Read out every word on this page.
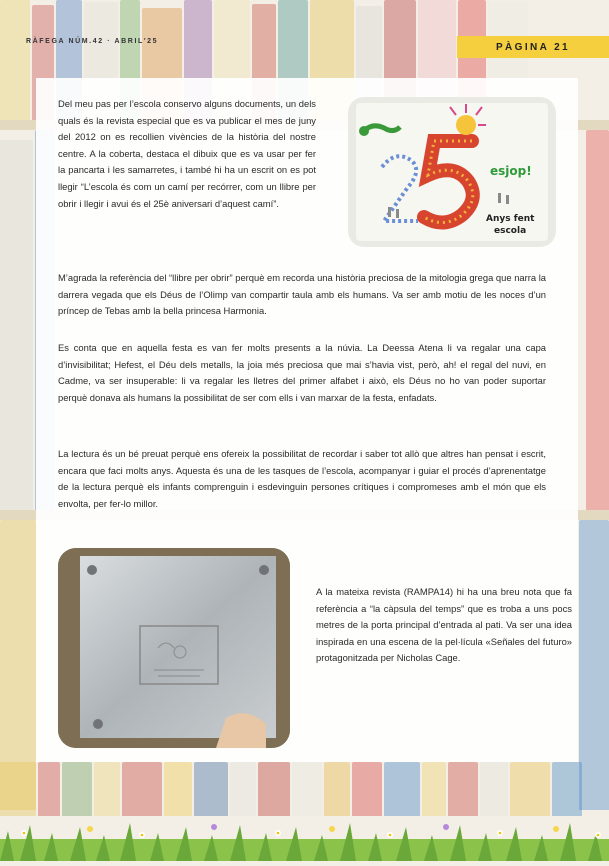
RÀFEGA NÚM.42 · ABRIL'25	PÀGINA 21

Del meu pas per l’escola conservo alguns documents, un dels quals és la revista especial que es va publicar el mes de juny del 2012 on es recollien vivències de la història del nostre centre. A la coberta, destaca el dibuix que es va usar per fer la pancarta i les samarretes, i també hi ha un escrit on es pot llegir “L’escola és com un camí per recórrer, com un llibre per obrir i llegir i avui és el 25è aniversari d’aquest camí”.

esjop!
Anys fent
escola

M’agrada la referència del “llibre per obrir” perquè em recorda una història preciosa de la mitologia grega que narra la darrera vegada que els Déus de l’Olimp van compartir taula amb els humans. Va ser amb motiu de les noces d’un príncep de Tebas amb la bella princesa Harmonia.

Es conta que en aquella festa es van fer molts presents a la núvia. La Deessa Atena li va regalar una capa d’invisibilitat; Hefest, el Déu dels metalls, la joia més preciosa que mai s’havia vist, però, ah! el regal del nuvi, en Cadme, va ser insuperable: li va regalar les lletres del primer alfabet i això, els Déus no ho van poder suportar perquè donava als humans la possibilitat de ser com ells i van marxar de la festa, enfadats.

La lectura és un bé preuat perquè ens ofereix la possibilitat de recordar i saber tot allò que altres han pensat i escrit, encara que faci molts anys. Aquesta és una de les tasques de l’escola, acompanyar i guiar el procés d’aprenentatge de la lectura perquè els infants comprenguin i esdevinguin persones crítiques i compromeses amb el món que els envolta, per fer-lo millor.

A la mateixa revista (RAMPA14) hi ha una breu nota que fa referència a “la càpsula del temps” que es troba a uns pocs metres de la porta principal d’entrada al pati. Va ser una idea inspirada en una escena de la pel·lícula «Señales del futuro» protagonitzada per Nicholas Cage.
